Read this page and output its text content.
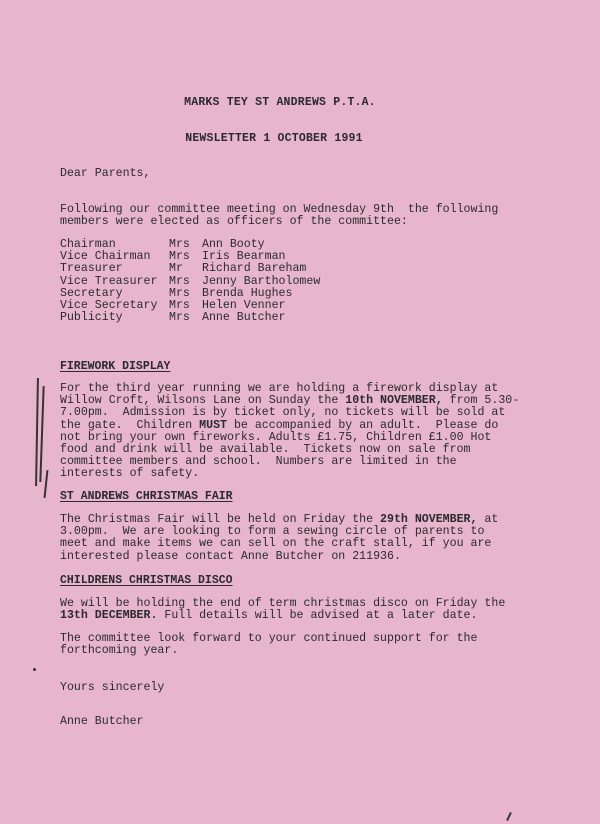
MARKS TEY ST ANDREWS P.T.A.
NEWSLETTER 1 OCTOBER 1991
Dear Parents,
Following our committee meeting on Wednesday 9th  the following
members were elected as officers of the committee:
Chairman	Mrs	Ann Booty
Vice Chairman	Mrs	Iris Bearman
Treasurer	Mr	Richard Bareham
Vice Treasurer Mrs	Jenny Bartholomew
Secretary	Mrs	Brenda Hughes
Vice Secretary Mrs	Helen Venner
Publicity	Mrs	Anne Butcher
FIREWORK DISPLAY
For the third year running we are holding a firework display at
Willow Croft, Wilsons Lane on Sunday the 10th NOVEMBER, from 5.30-
7.00pm.  Admission is by ticket only, no tickets will be sold at
the gate.  Children MUST be accompanied by an adult.  Please do
not bring your own fireworks. Adults £1.75, Children £1.00 Hot
food and drink will be available.  Tickets now on sale from
committee members and school.  Numbers are limited in the
interests of safety.
ST ANDREWS CHRISTMAS FAIR
The Christmas Fair will be held on Friday the 29th NOVEMBER, at
3.00pm.  We are looking to form a sewing circle of parents to
meet and make items we can sell on the craft stall, if you are
interested please contact Anne Butcher on 211936.
CHILDRENS CHRISTMAS DISCO
We will be holding the end of term christmas disco on Friday the
13th DECEMBER. Full details will be advised at a later date.
The committee look forward to your continued support for the
forthcoming year.
Yours sincerely
Anne Butcher
